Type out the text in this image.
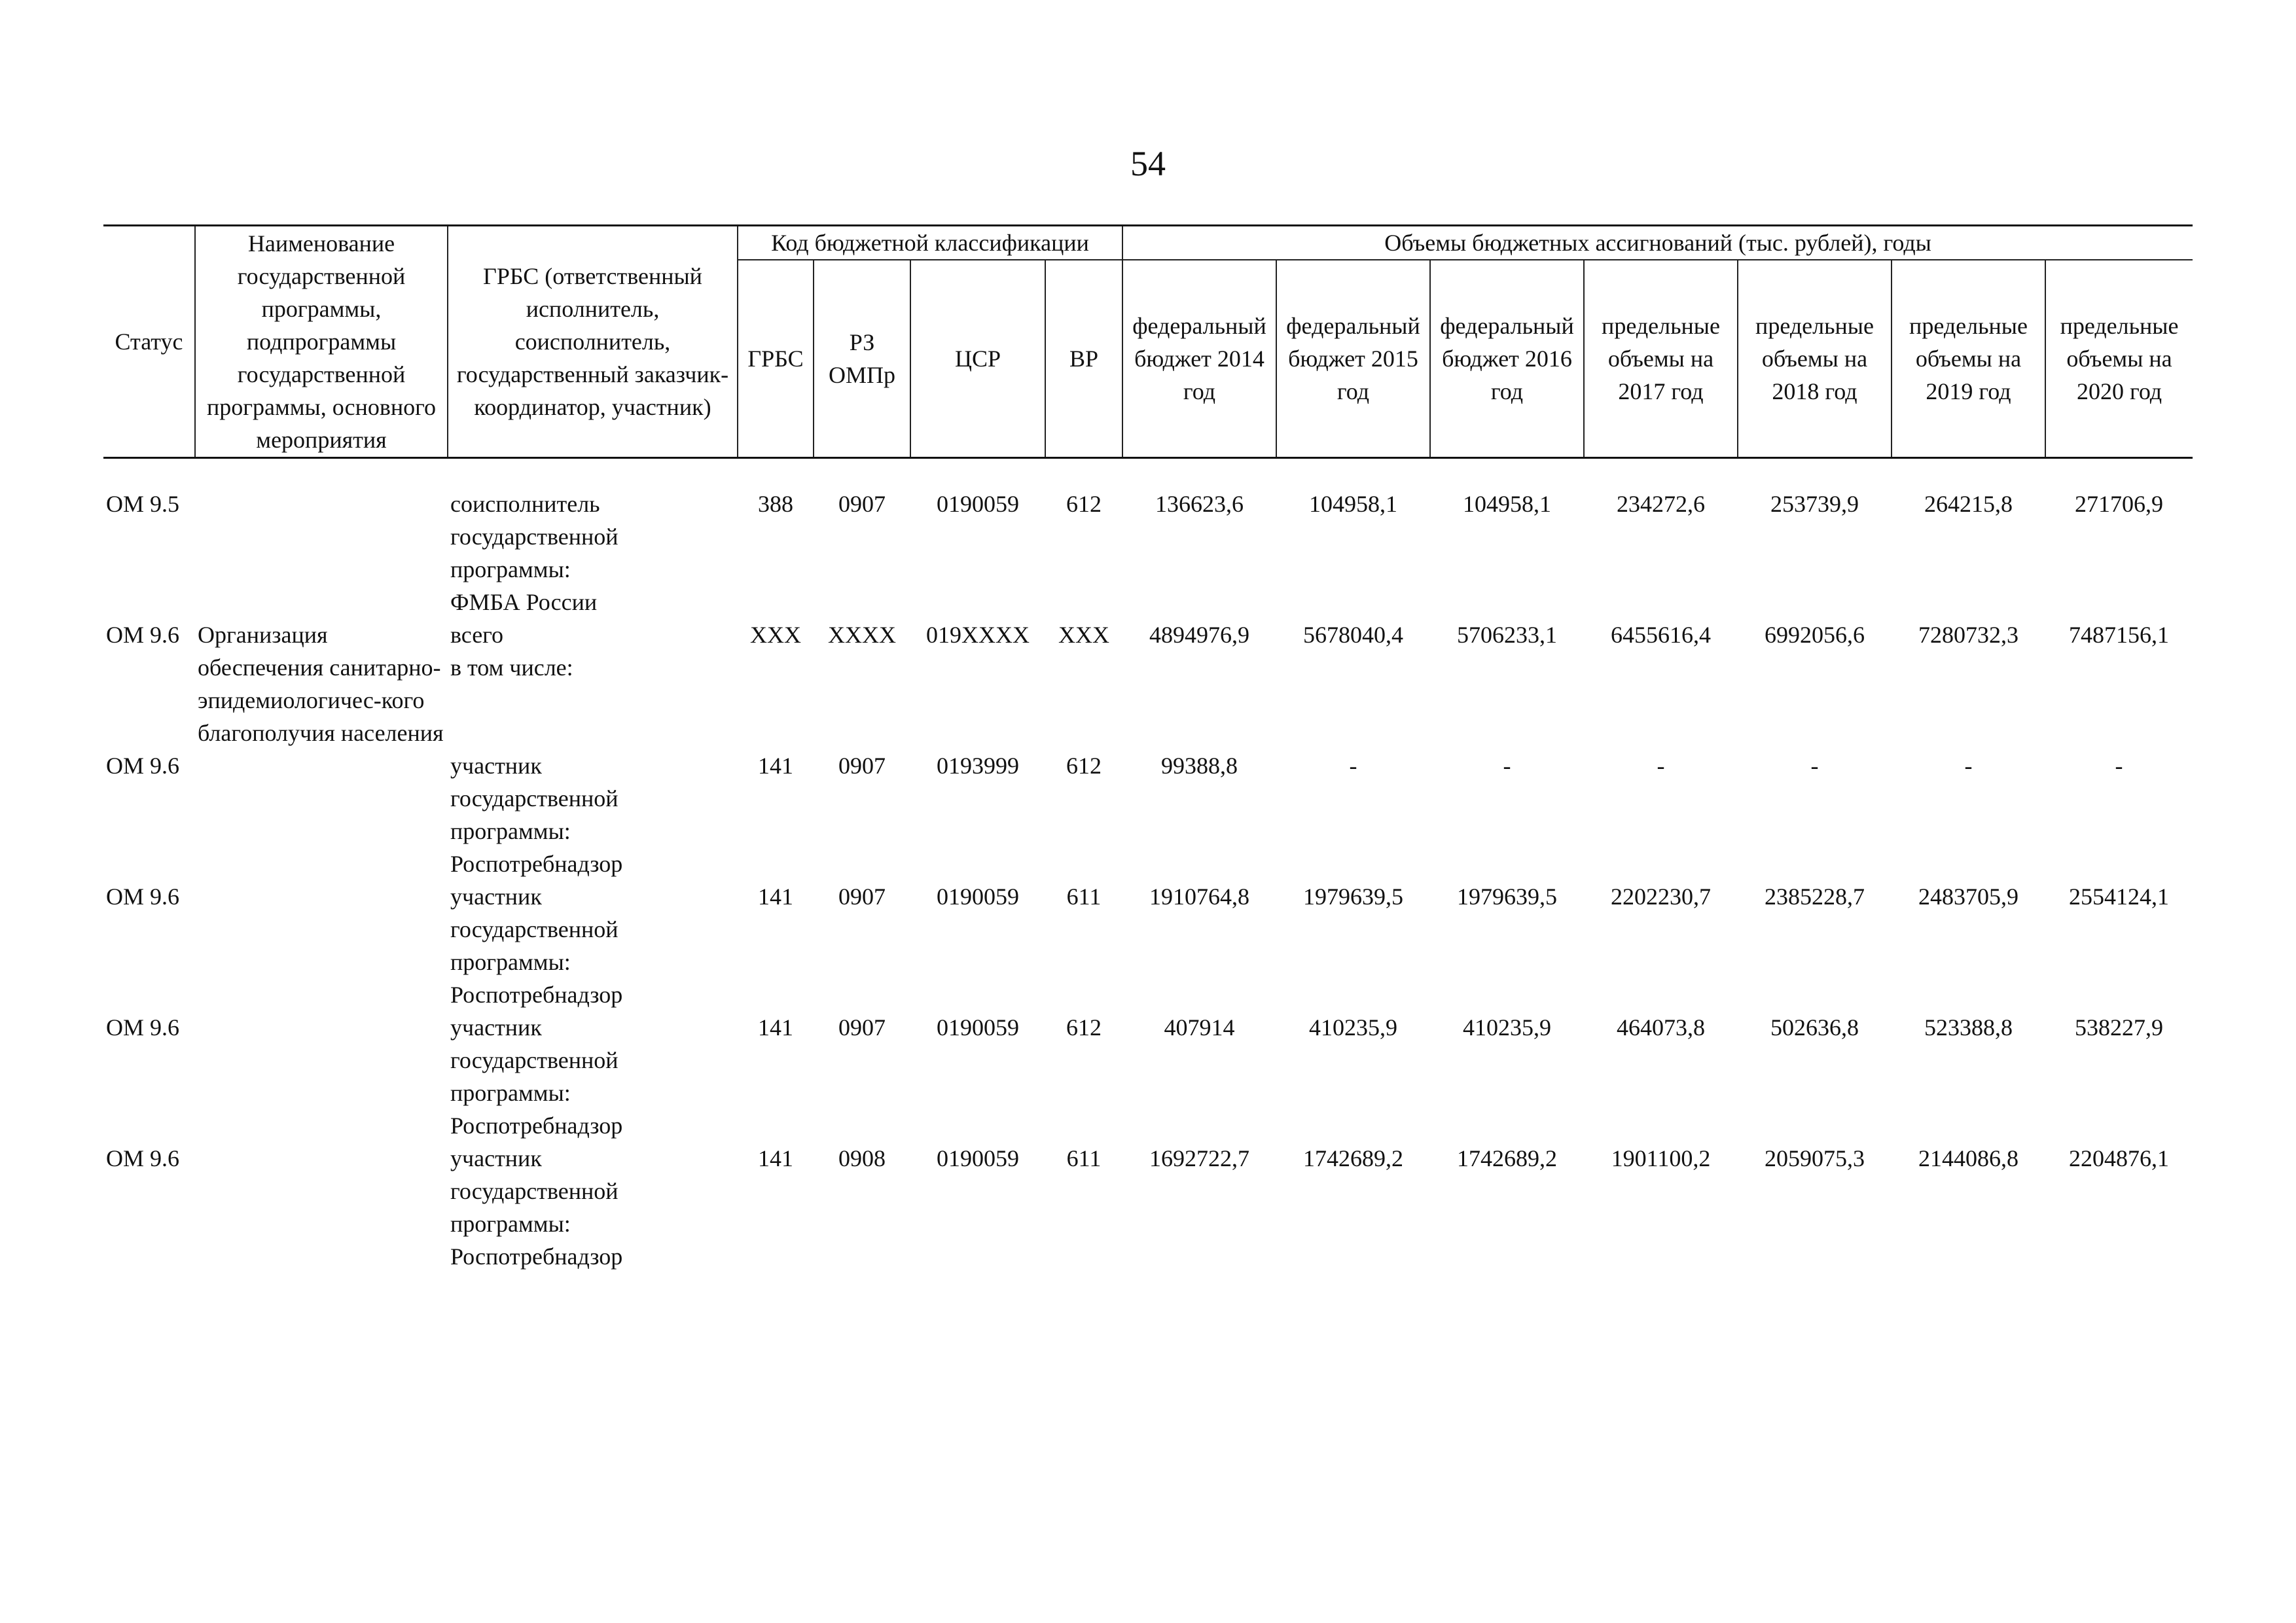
54
Статус	Наименование государственной программы, подпрограммы государственной программы, основного мероприятия	ГРБС (ответственный исполнитель, соисполнитель, государственный заказчик-координатор, участник)	Код бюджетной классификации				Объемы бюджетных ассигнований (тыс. рублей), годы						
			ГРБС	РЗ ОМПр	ЦСР	ВР	федеральный бюджет 2014 год	федеральный бюджет 2015 год	федеральный бюджет 2016 год	предельные объемы на 2017 год	предельные объемы на 2018 год	предельные объемы на 2019 год	предельные объемы на 2020 год

ОМ 9.5		соисполнитель
государственной
программы:
ФМБА России	388	0907	0190059	612	136623,6	104958,1	104958,1	234272,6	253739,9	264215,8	271706,9
ОМ 9.6	Организация обеспечения санитарно-эпидемиологичес-кого благополучия населения	всего
в том числе:	ХХХ	ХХХХ	019ХХХХ	ХХХ	4894976,9	5678040,4	5706233,1	6455616,4	6992056,6	7280732,3	7487156,1
ОМ 9.6		участник
государственной
программы:
Роспотребнадзор	141	0907	0193999	612	99388,8	-	-	-	-	-	-
ОМ 9.6		участник
государственной
программы:
Роспотребнадзор	141	0907	0190059	611	1910764,8	1979639,5	1979639,5	2202230,7	2385228,7	2483705,9	2554124,1
ОМ 9.6		участник
государственной
программы:
Роспотребнадзор	141	0907	0190059	612	407914	410235,9	410235,9	464073,8	502636,8	523388,8	538227,9
ОМ 9.6		участник
государственной
программы:
Роспотребнадзор	141	0908	0190059	611	1692722,7	1742689,2	1742689,2	1901100,2	2059075,3	2144086,8	2204876,1
